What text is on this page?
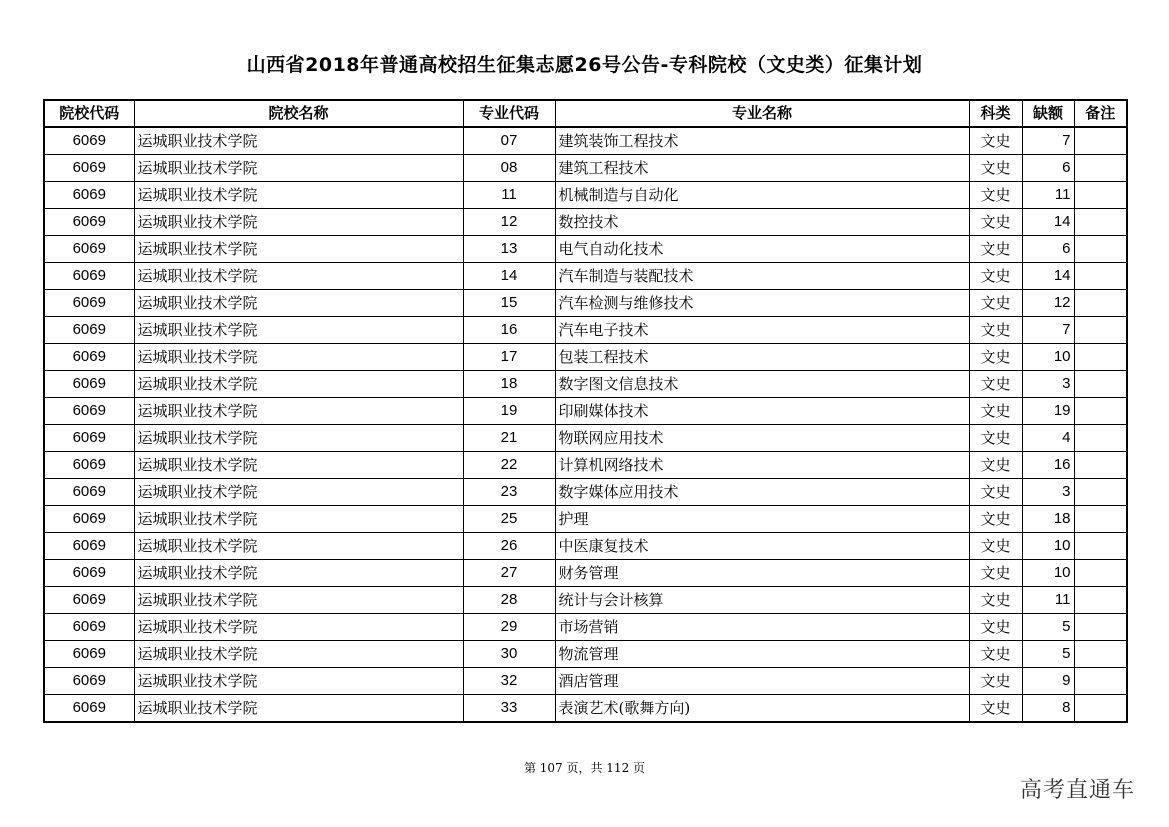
山西省2018年普通高校招生征集志愿26号公告-专科院校（文史类）征集计划
院校代码	院校名称	专业代码	专业名称	科类	缺额	备注
6069	运城职业技术学院	07	建筑装饰工程技术	文史	7	
6069	运城职业技术学院	08	建筑工程技术	文史	6	
6069	运城职业技术学院	11	机械制造与自动化	文史	11	
6069	运城职业技术学院	12	数控技术	文史	14	
6069	运城职业技术学院	13	电气自动化技术	文史	6	
6069	运城职业技术学院	14	汽车制造与装配技术	文史	14	
6069	运城职业技术学院	15	汽车检测与维修技术	文史	12	
6069	运城职业技术学院	16	汽车电子技术	文史	7	
6069	运城职业技术学院	17	包装工程技术	文史	10	
6069	运城职业技术学院	18	数字图文信息技术	文史	3	
6069	运城职业技术学院	19	印刷媒体技术	文史	19	
6069	运城职业技术学院	21	物联网应用技术	文史	4	
6069	运城职业技术学院	22	计算机网络技术	文史	16	
6069	运城职业技术学院	23	数字媒体应用技术	文史	3	
6069	运城职业技术学院	25	护理	文史	18	
6069	运城职业技术学院	26	中医康复技术	文史	10	
6069	运城职业技术学院	27	财务管理	文史	10	
6069	运城职业技术学院	28	统计与会计核算	文史	11	
6069	运城职业技术学院	29	市场营销	文史	5	
6069	运城职业技术学院	30	物流管理	文史	5	
6069	运城职业技术学院	32	酒店管理	文史	9	
6069	运城职业技术学院	33	表演艺术(歌舞方向)	文史	8	
第 107 页，共 112 页
高考直通车
